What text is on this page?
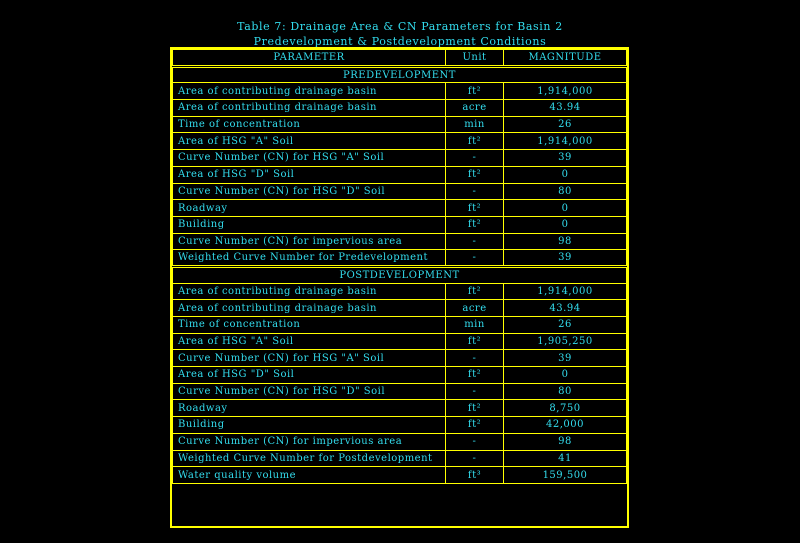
Table 7: Drainage Area & CN Parameters for Basin 2
Predevelopment & Postdevelopment Conditions
PARAMETER	Unit	MAGNITUDE
PREDEVELOPMENT		
Area of contributing drainage basin	ft²	1,914,000
Area of contributing drainage basin	acre	43.94
Time of concentration	min	26
Area of HSG "A" Soil	ft²	1,914,000
Curve Number (CN) for HSG "A" Soil	-	39
Area of HSG "D" Soil	ft²	0
Curve Number (CN) for HSG "D" Soil	-	80
Roadway	ft²	0
Building	ft²	0
Curve Number (CN) for impervious area	-	98
Weighted Curve Number for Predevelopment	-	39
POSTDEVELOPMENT		
Area of contributing drainage basin	ft²	1,914,000
Area of contributing drainage basin	acre	43.94
Time of concentration	min	26
Area of HSG "A" Soil	ft²	1,905,250
Curve Number (CN) for HSG "A" Soil	-	39
Area of HSG "D" Soil	ft²	0
Curve Number (CN) for HSG "D" Soil	-	80
Roadway	ft²	8,750
Building	ft²	42,000
Curve Number (CN) for impervious area	-	98
Weighted Curve Number for Postdevelopment	-	41
Water quality volume	ft³	159,500
